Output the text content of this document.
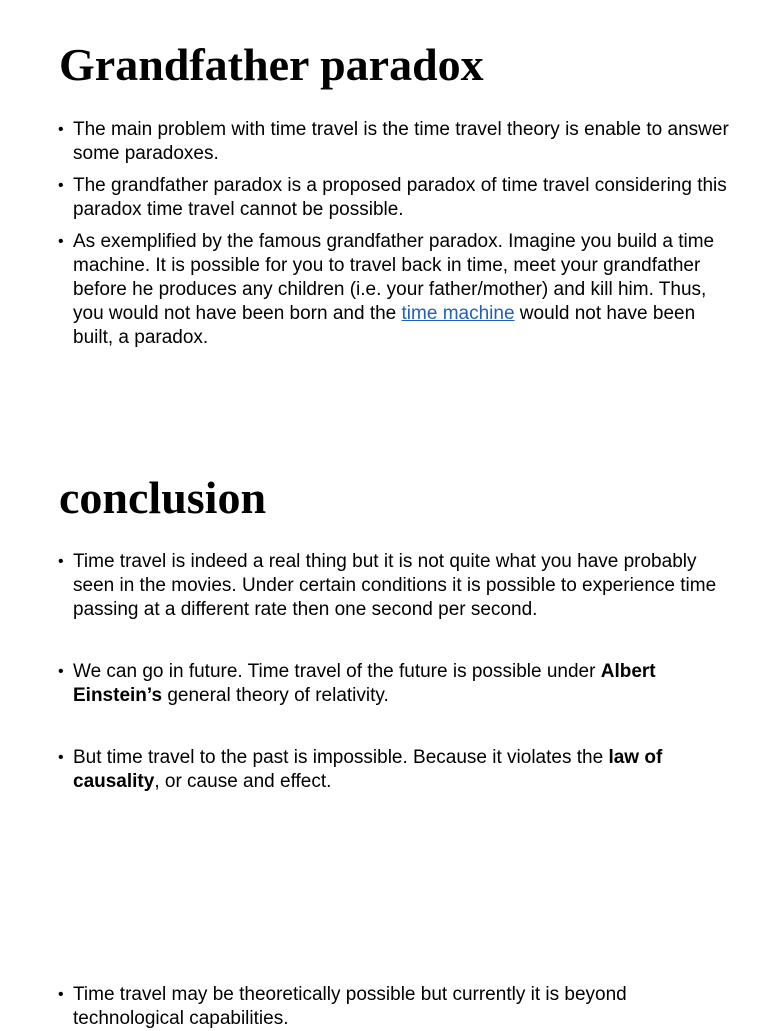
Grandfather paradox
• The main problem with time travel is the time travel theory is enable to answer some paradoxes.
• The grandfather paradox is a proposed paradox of time travel considering this paradox time travel cannot be possible.
• As exemplified by the famous grandfather paradox. Imagine you build a time machine. It is possible for you to travel back in time, meet your grandfather before he produces any children (i.e. your father/mother) and kill him. Thus, you would not have been born and the time machine would not have been built, a paradox.
conclusion
• Time travel is indeed a real thing but it is not quite what you have probably seen in the movies. Under certain conditions it is possible to experience time passing at a different rate then one second per second.
• We can go in future. Time travel of the future is possible under Albert Einstein’s general theory of relativity.
• But time travel to the past is impossible. Because it violates the law of causality, or cause and effect.
• Time travel may be theoretically possible but currently it is beyond technological capabilities.
